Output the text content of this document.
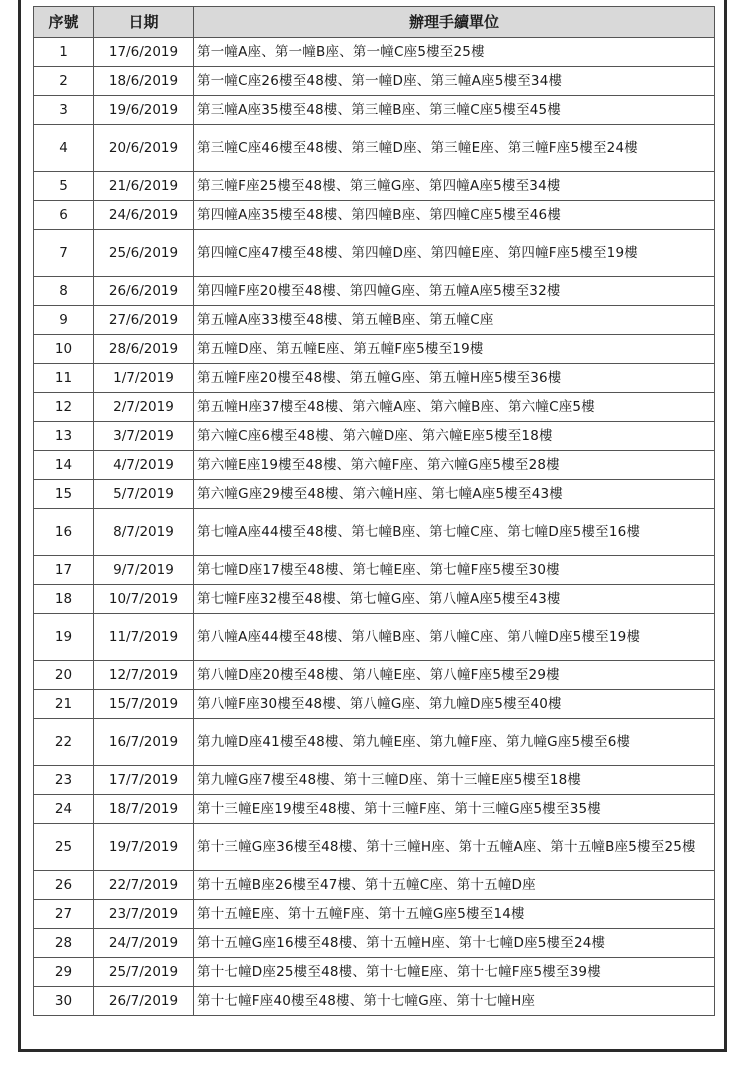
序號	日期	辦理手續單位
1	17/6/2019	第一幢A座、第一幢B座、第一幢C座5樓至25樓
2	18/6/2019	第一幢C座26樓至48樓、第一幢D座、第三幢A座5樓至34樓
3	19/6/2019	第三幢A座35樓至48樓、第三幢B座、第三幢C座5樓至45樓
4	20/6/2019	第三幢C座46樓至48樓、第三幢D座、第三幢E座、第三幢F座5樓至24樓
5	21/6/2019	第三幢F座25樓至48樓、第三幢G座、第四幢A座5樓至34樓
6	24/6/2019	第四幢A座35樓至48樓、第四幢B座、第四幢C座5樓至46樓
7	25/6/2019	第四幢C座47樓至48樓、第四幢D座、第四幢E座、第四幢F座5樓至19樓
8	26/6/2019	第四幢F座20樓至48樓、第四幢G座、第五幢A座5樓至32樓
9	27/6/2019	第五幢A座33樓至48樓、第五幢B座、第五幢C座
10	28/6/2019	第五幢D座、第五幢E座、第五幢F座5樓至19樓
11	1/7/2019	第五幢F座20樓至48樓、第五幢G座、第五幢H座5樓至36樓
12	2/7/2019	第五幢H座37樓至48樓、第六幢A座、第六幢B座、第六幢C座5樓
13	3/7/2019	第六幢C座6樓至48樓、第六幢D座、第六幢E座5樓至18樓
14	4/7/2019	第六幢E座19樓至48樓、第六幢F座、第六幢G座5樓至28樓
15	5/7/2019	第六幢G座29樓至48樓、第六幢H座、第七幢A座5樓至43樓
16	8/7/2019	第七幢A座44樓至48樓、第七幢B座、第七幢C座、第七幢D座5樓至16樓
17	9/7/2019	第七幢D座17樓至48樓、第七幢E座、第七幢F座5樓至30樓
18	10/7/2019	第七幢F座32樓至48樓、第七幢G座、第八幢A座5樓至43樓
19	11/7/2019	第八幢A座44樓至48樓、第八幢B座、第八幢C座、第八幢D座5樓至19樓
20	12/7/2019	第八幢D座20樓至48樓、第八幢E座、第八幢F座5樓至29樓
21	15/7/2019	第八幢F座30樓至48樓、第八幢G座、第九幢D座5樓至40樓
22	16/7/2019	第九幢D座41樓至48樓、第九幢E座、第九幢F座、第九幢G座5樓至6樓
23	17/7/2019	第九幢G座7樓至48樓、第十三幢D座、第十三幢E座5樓至18樓
24	18/7/2019	第十三幢E座19樓至48樓、第十三幢F座、第十三幢G座5樓至35樓
25	19/7/2019	第十三幢G座36樓至48樓、第十三幢H座、第十五幢A座、第十五幢B座5樓至25樓
26	22/7/2019	第十五幢B座26樓至47樓、第十五幢C座、第十五幢D座
27	23/7/2019	第十五幢E座、第十五幢F座、第十五幢G座5樓至14樓
28	24/7/2019	第十五幢G座16樓至48樓、第十五幢H座、第十七幢D座5樓至24樓
29	25/7/2019	第十七幢D座25樓至48樓、第十七幢E座、第十七幢F座5樓至39樓
30	26/7/2019	第十七幢F座40樓至48樓、第十七幢G座、第十七幢H座
